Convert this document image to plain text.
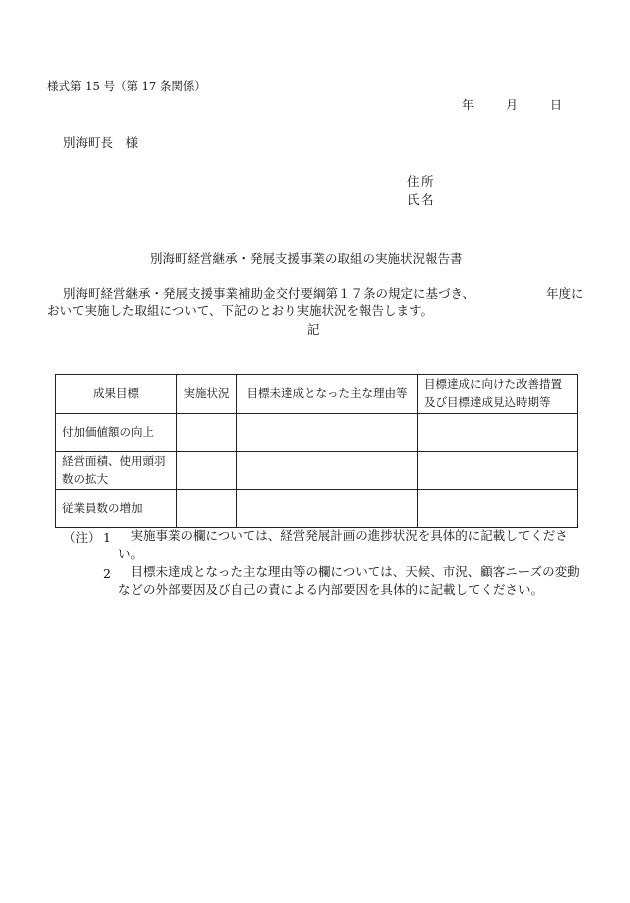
様式第 15 号（第 17 条関係）
年	月	日
別海町長　様
住所
氏名
別海町経営継承・発展支援事業の取組の実施状況報告書
別海町経営継承・発展支援事業補助金交付要綱第１７条の規定に基づき、	年度に
おいて実施した取組について、下記のとおり実施状況を報告します。
記
成果目標	実施状況	目標未達成となった主な理由等	目標達成に向けた改善措置及び目標達成見込時期等
付加価値額の向上			
経営面積、使用頭羽数の拡大			
従業員数の増加			
（注） 1 　実施事業の欄については、経営発展計画の進捗状況を具体的に記載してください。
2 　目標未達成となった主な理由等の欄については、天候、市況、顧客ニーズの変動などの外部要因及び自己の責による内部要因を具体的に記載してください。
